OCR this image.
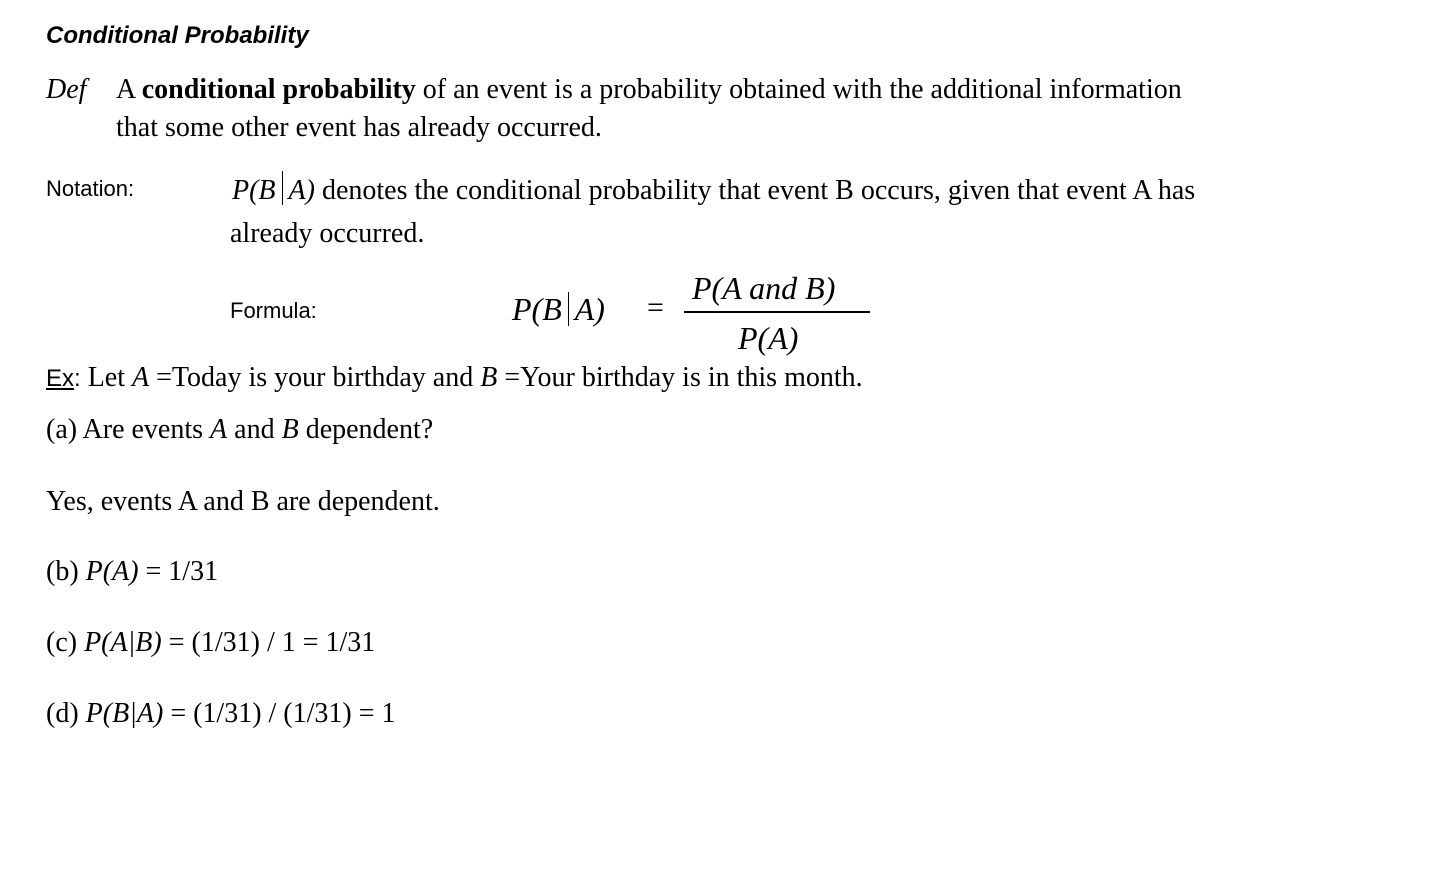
Conditional Probability
Def A conditional probability of an event is a probability obtained with the additional information
that some other event has already occurred.
Notation:	P(B A) denotes the conditional probability that event B occurs, given that event A has
already occurred.
Formula:	P(B A) =
P(A and B)
P(A)
Ex: Let A =Today is your birthday and B =Your birthday is in this month.
(a) Are events A and B dependent?
Yes, events A and B are dependent.
(b) P(A) = 1/31
(c) P(A|B) = (1/31) / 1 = 1/31
(d) P(B|A) = (1/31) / (1/31) = 1
